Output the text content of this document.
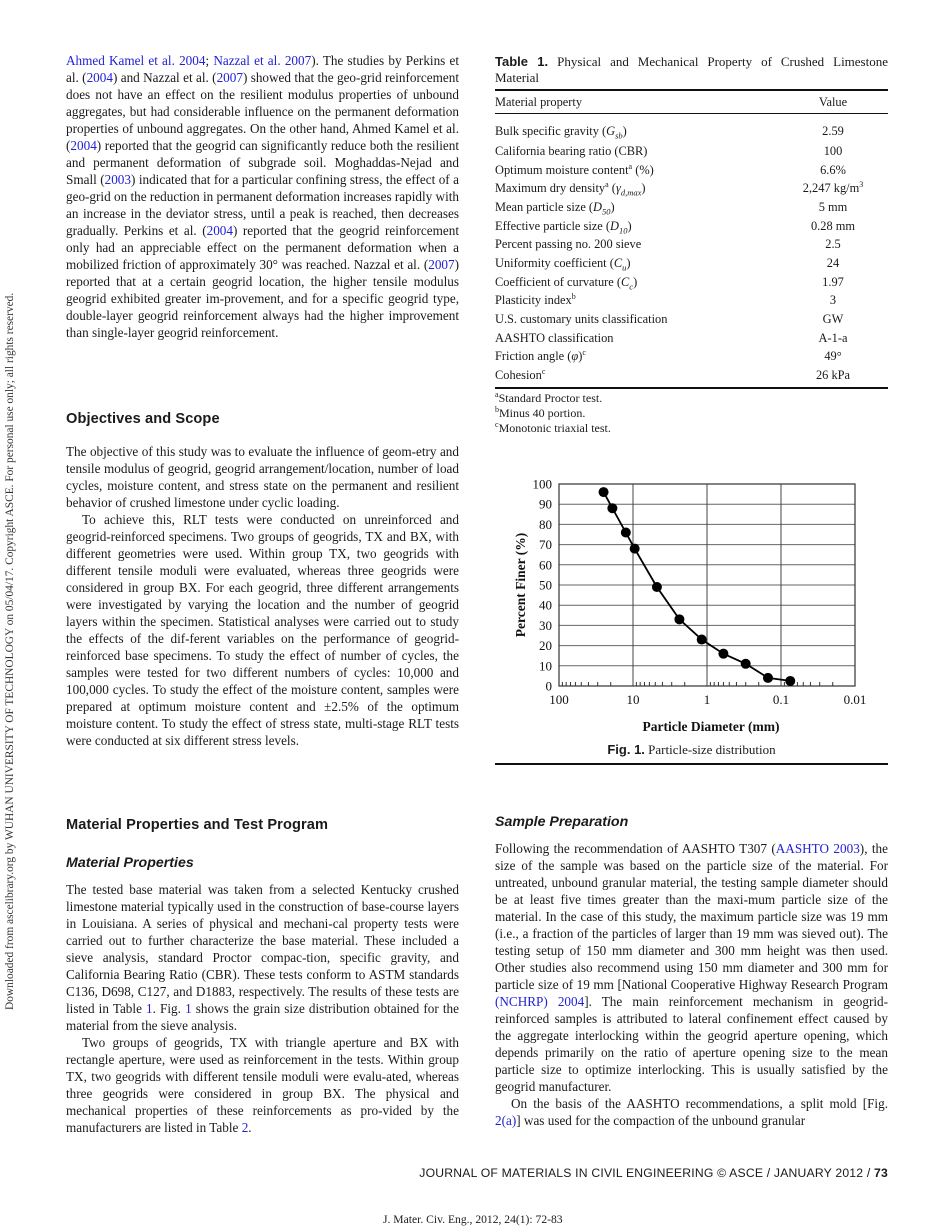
Downloaded from ascelibrary.org by WUHAN UNIVERSITY OF TECHNOLOGY on 05/04/17. Copyright ASCE. For personal use only; all rights reserved.

Ahmed Kamel et al. 2004; Nazzal et al. 2007). The studies by Perkins et al. (2004) and Nazzal et al. (2007) showed that the geo-grid reinforcement does not have an effect on the resilient modulus properties of unbound aggregates, but had considerable influence on the permanent deformation properties of unbound aggregates. On the other hand, Ahmed Kamel et al. (2004) reported that the geogrid can significantly reduce both the resilient and permanent deformation of subgrade soil. Moghaddas-Nejad and Small (2003) indicated that for a particular confining stress, the effect of a geo-grid on the reduction in permanent deformation increases rapidly with an increase in the deviator stress, until a peak is reached, then decreases gradually. Perkins et al. (2004) reported that the geogrid reinforcement only had an appreciable effect on the permanent deformation when a mobilized friction of approximately 30° was reached. Nazzal et al. (2007) reported that at a certain geogrid location, the higher tensile modulus geogrid exhibited greater im-provement, and for a specific geogrid type, double-layer geogrid reinforcement always had the higher improvement than single-layer geogrid reinforcement.

Objectives and Scope

The objective of this study was to evaluate the influence of geom-etry and tensile modulus of geogrid, geogrid arrangement/location, number of load cycles, moisture content, and stress state on the permanent and resilient behavior of crushed limestone under cyclic loading.

To achieve this, RLT tests were conducted on unreinforced and geogrid-reinforced specimens. Two groups of geogrids, TX and BX, with different geometries were used. Within group TX, two geogrids with different tensile moduli were evaluated, whereas three geogrids were considered in group BX. For each geogrid, three different arrangements were investigated by varying the location and the number of geogrid layers within the specimen. Statistical analyses were carried out to study the effects of the dif-ferent variables on the performance of geogrid-reinforced base specimens. To study the effect of number of cycles, the samples were tested for two different numbers of cycles: 10,000 and 100,000 cycles. To study the effect of the moisture content, samples were prepared at optimum moisture content and ±2.5% of the optimum moisture content. To study the effect of stress state, multi-stage RLT tests were conducted at six different stress levels.

Material Properties and Test Program
Material Properties

The tested base material was taken from a selected Kentucky crushed limestone material typically used in the construction of base-course layers in Louisiana. A series of physical and mechani-cal property tests were carried out to further characterize the base material. These included a sieve analysis, standard Proctor compac-tion, specific gravity, and California Bearing Ratio (CBR). These tests conform to ASTM standards C136, D698, C127, and D1883, respectively. The results of these tests are listed in Table 1. Fig. 1 shows the grain size distribution obtained for the material from the sieve analysis.

Two groups of geogrids, TX with triangle aperture and BX with rectangle aperture, were used as reinforcement in the tests. Within group TX, two geogrids with different tensile moduli were evalu-ated, whereas three geogrids were considered in group BX. The physical and mechanical properties of these reinforcements as pro-vided by the manufacturers are listed in Table 2.

Table 1. Physical and Mechanical Property of Crushed Limestone Material
Material property	Value

Bulk specific gravity $(G_{sb})$	2.59
California bearing ratio (CBR)	100
Optimum moisture content$^a$ (%)	6.6%
Maximum dry density$^a$ $(\gamma_{d,max})$	2,247 $kg/m^3$
Mean particle size $(D_{50})$	5 mm
Effective particle size $(D_{10})$	0.28 mm
Percent passing no. 200 sieve	2.5
Uniformity coefficient $(C_u)$	24
Coefficient of curvature $(C_c)$	1.97
Plasticity index$^b$	3
U.S. customary units classification	GW
AASHTO classification	A-1-a
Friction angle $(\varphi)^c$	49°
Cohesion$^c$	26 kPa
$^a$Standard Proctor test.
$^b$Minus 40 portion.
$^c$Monotonic triaxial test.
0
10
20
30
40
50
60
70
80
90
100
100	10	1	0.1	0.01
Particle Diameter (mm)
Percent Finer (%)
Fig. 1. Particle-size distribution
Sample Preparation

Following the recommendation of AASHTO T307 (AASHTO 2003), the size of the sample was based on the particle size of the material. For untreated, unbound granular material, the testing sample diameter should be at least five times greater than the maxi-mum particle size of the material. In the case of this study, the maximum particle size was 19 mm (i.e., a fraction of the particles of larger than 19 mm was sieved out). The testing setup of 150 mm diameter and 300 mm height was then used. Other studies also recommend using 150 mm diameter and 300 mm for particle size of 19 mm [National Cooperative Highway Research Program (NCHRP) 2004]. The main reinforcement mechanism in geogrid-reinforced samples is attributed to lateral confinement effect caused by the aggregate interlocking within the geogrid aperture opening, which depends primarily on the ratio of aperture opening size to the mean particle size to optimize interlocking. This is usually satisfied by the geogrid manufacturer.

On the basis of the AASHTO recommendations, a split mold [Fig. 2(a)] was used for the compaction of the unbound granular

JOURNAL OF MATERIALS IN CIVIL ENGINEERING © ASCE / JANUARY 2012 / 73
J. Mater. Civ. Eng., 2012, 24(1): 72-83
